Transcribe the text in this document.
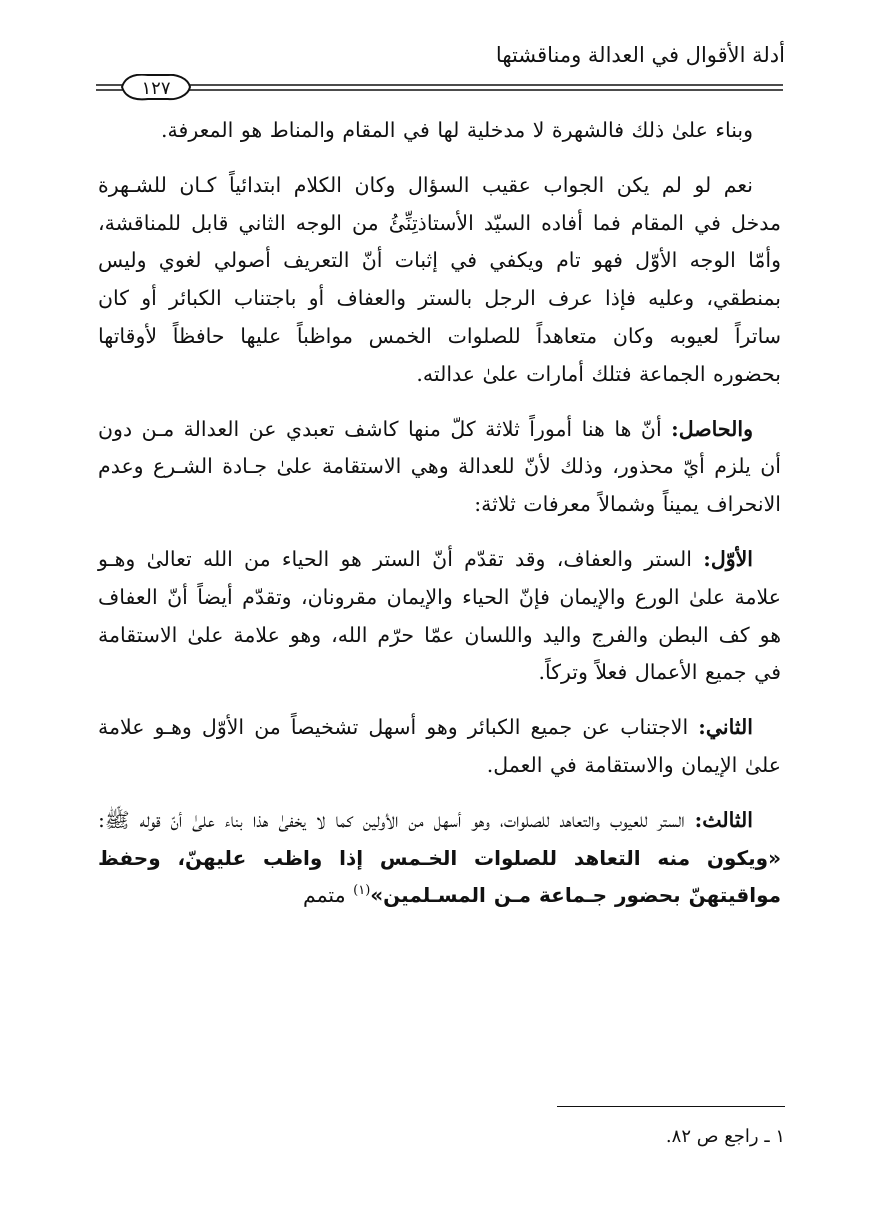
أدلة الأقوال في العدالة ومناقشتها
١٢٧

وبناء علىٰ ذلك فالشهرة لا مدخلية لها في المقام والمناط هو المعرفة.

نعم لو لم يكن الجواب عقيب السؤال وكان الكلام ابتدائياً كـان للشـهرة مدخل في المقام فما أفاده السيّد الأستاذتِنِّئُ من الوجه الثاني قابل للمناقشة، وأمّا الوجه الأوّل فهو تام ويكفي في إثبات أنّ التعريف أصولي لغوي وليس بمنطقي، وعليه فإذا عرف الرجل بالستر والعفاف أو باجتناب الكبائر أو كان ساتراً لعيوبه وكان متعاهداً للصلوات الخمس مواظباً عليها حافظاً لأوقاتها بحضوره الجماعة فتلك أمارات علىٰ عدالته.

والحاصل: أنّ ها هنا أموراً ثلاثة كلّ منها كاشف تعبدي عن العدالة مـن دون أن يلزم أيّ محذور، وذلك لأنّ للعدالة وهي الاستقامة علىٰ جـادة الشـرع وعدم الانحراف يميناً وشمالاً معرفات ثلاثة:

الأوّل: الستر والعفاف، وقد تقدّم أنّ الستر هو الحياء من الله تعالىٰ وهـو علامة علىٰ الورع والإيمان فإنّ الحياء والإيمان مقرونان، وتقدّم أيضاً أنّ العفاف هو كف البطن والفرج واليد واللسان عمّا حرّم الله، وهو علامة علىٰ الاستقامة في جميع الأعمال فعلاً وتركاً.

الثاني: الاجتناب عن جميع الكبائر وهو أسهل تشخيصاً من الأوّل وهـو علامة علىٰ الإيمان والاستقامة في العمل.

الثالث: الستر للعيوب والتعاهد للصلوات، وهو أسهل من الأولين كما لا يخفىٰ هذا بناء علىٰ أنّ قوله ﷺ: «ويكون منه التعاهد للصلوات الخـمس إذا واظب عليهنّ، وحفظ مواقيتهنّ بحضور جـماعة مـن المسـلمين»$^{(١)}$ متمم

١ ـ راجع ص ٨٢.
